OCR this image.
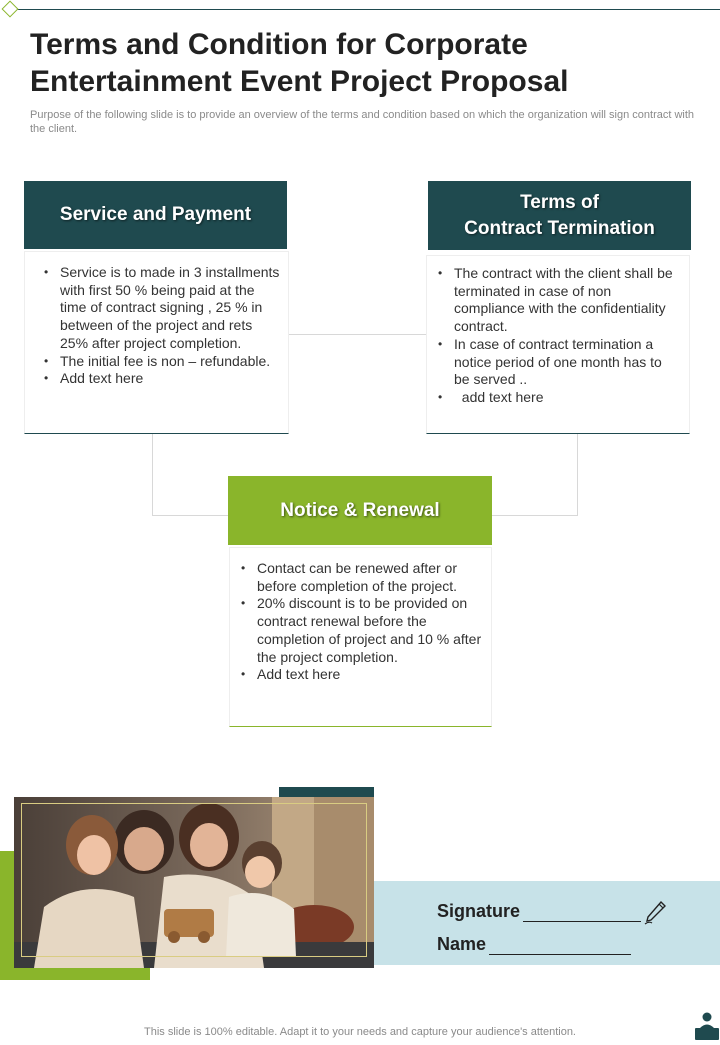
Terms and Condition for Corporate Entertainment Event Project Proposal

Purpose of the following slide is to provide an overview of the terms and condition based on which the organization will sign contract with the client.

• Service is to made in 3 installments with first 50 % being paid at the time of contract signing , 25 % in between of the project and rets 25% after project completion.
• The initial fee is non – refundable.
• Add text here
Service and Payment
• The contract with the client shall be terminated in case of non compliance with the confidentiality contract.
• In case of contract termination a notice period of one month has to be served ..
•   add text here
Terms of
Contract Termination
• Contact can be renewed after or before completion of the project.
• 20% discount is to be provided on contract renewal before the completion of project and 10 % after the project completion.
• Add text here
Notice & Renewal
Signature
Name
This slide is 100% editable. Adapt it to your needs and capture your audience's attention.
